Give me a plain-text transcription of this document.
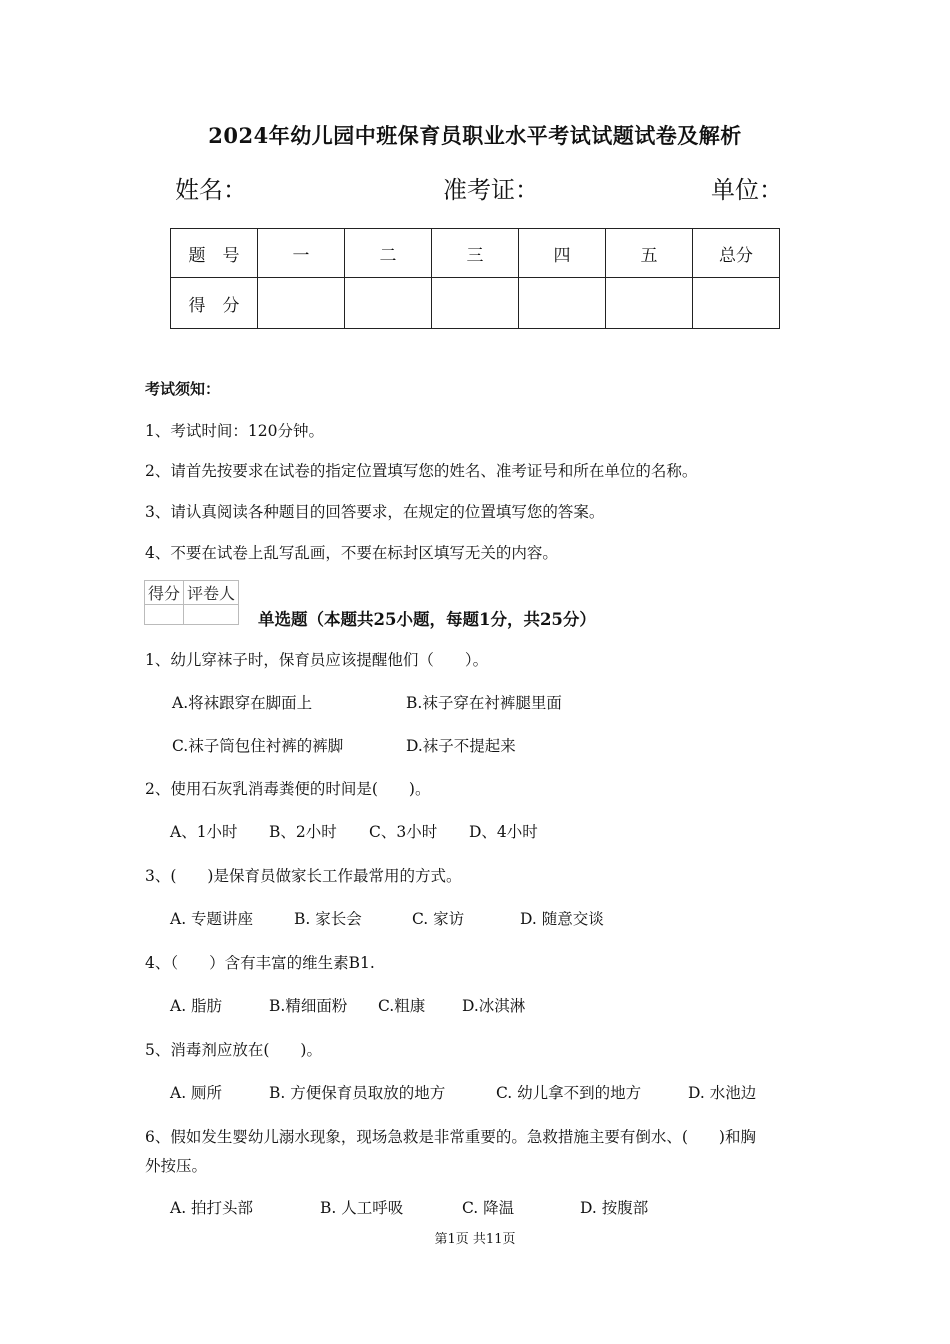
2024年幼儿园中班保育员职业水平考试试题试卷及解析
姓名：	准考证：	单位：
题　号	一	二	三	四	五	总分
得　分						
考试须知：
1、考试时间：120分钟。
2、请首先按要求在试卷的指定位置填写您的姓名、准考证号和所在单位的名称。
3、请认真阅读各种题目的回答要求，在规定的位置填写您的答案。
4、不要在试卷上乱写乱画，不要在标封区填写无关的内容。
得分	评卷人

单选题（本题共25小题，每题1分，共25分）
1、幼儿穿袜子时，保育员应该提醒他们（　　）。
A.将袜跟穿在脚面上	B.袜子穿在衬裤腿里面
C.袜子筒包住衬裤的裤脚	D.袜子不提起来
2、使用石灰乳消毒粪便的时间是(　　)。
A、1小时 B、2小时 C、3小时 D、4小时
3、(　　)是保育员做家长工作最常用的方式。
A. 专题讲座	B. 家长会	C. 家访	D. 随意交谈
4、（　　）含有丰富的维生素B1.
A. 脂肪	B.精细面粉 C.粗康 D.冰淇淋
5、消毒剂应放在(　　)。
A. 厕所	B. 方便保育员取放的地方	C. 幼儿拿不到的地方	D. 水池边
6、假如发生婴幼儿溺水现象，现场急救是非常重要的。急救措施主要有倒水、(　　)和胸
外按压。
A. 拍打头部	B. 人工呼吸	C. 降温	D. 按腹部
第1页 共11页
